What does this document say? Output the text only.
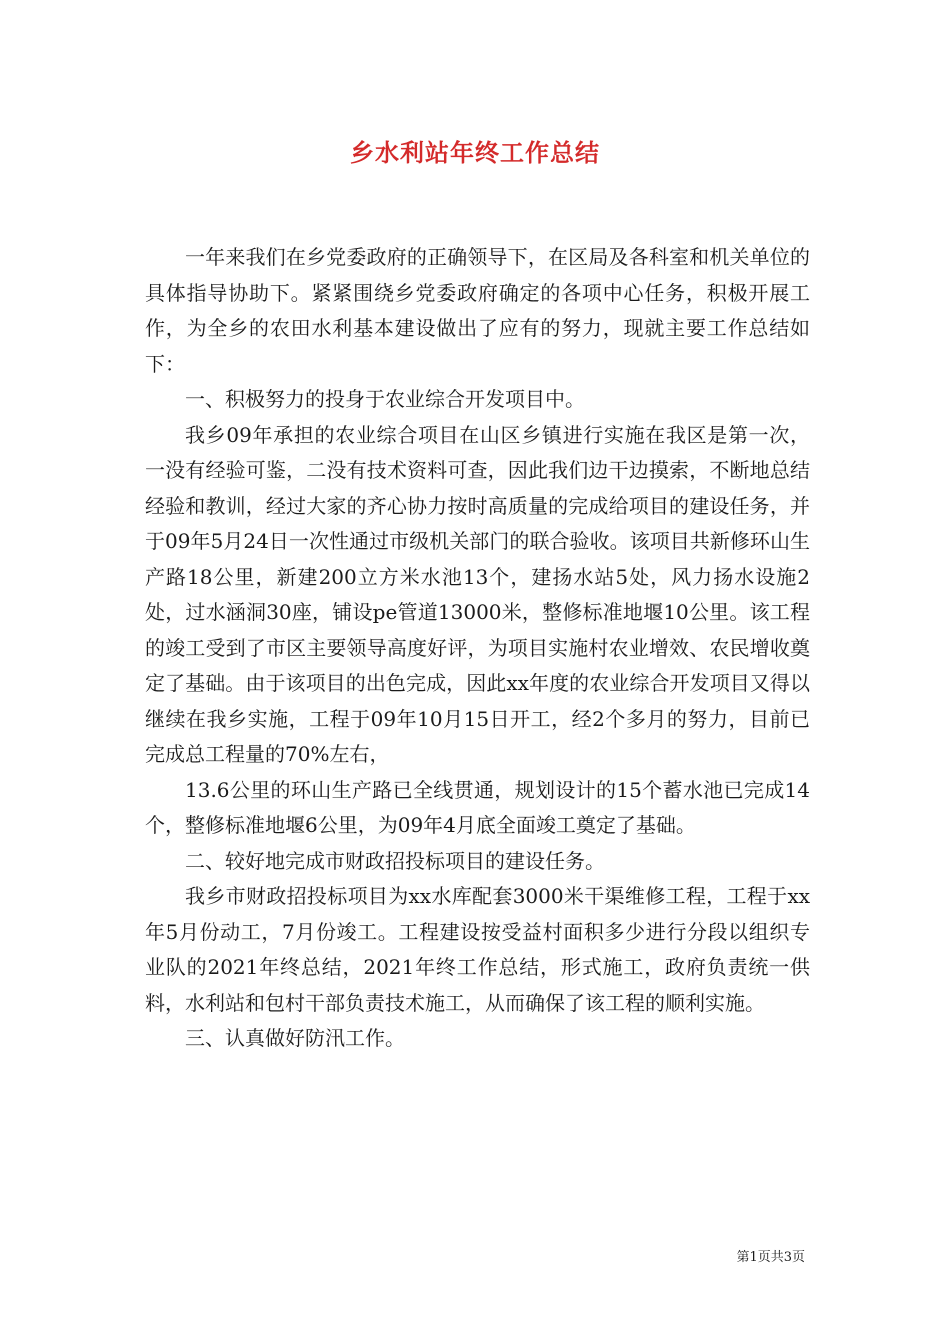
乡水利站年终工作总结

一年来我们在乡党委政府的正确领导下，在区局及各科室和机关单位的具体指导协助下。紧紧围绕乡党委政府确定的各项中心任务，积极开展工作，为全乡的农田水利基本建设做出了应有的努力，现就主要工作总结如下：

一、积极努力的投身于农业综合开发项目中。

我乡09年承担的农业综合项目在山区乡镇进行实施在我区是第一次，一没有经验可鉴，二没有技术资料可查，因此我们边干边摸索，不断地总结经验和教训，经过大家的齐心协力按时高质量的完成给项目的建设任务，并于09年5月24日一次性通过市级机关部门的联合验收。该项目共新修环山生产路18公里，新建200立方米水池13个，建扬水站5处，风力扬水设施2处，过水涵洞30座，铺设pe管道13000米，整修标准地堰10公里。该工程的竣工受到了市区主要领导高度好评，为项目实施村农业增效、农民增收奠定了基础。由于该项目的出色完成，因此xx年度的农业综合开发项目又得以继续在我乡实施，工程于09年10月15日开工，经2个多月的努力，目前已完成总工程量的70%左右，

13.6公里的环山生产路已全线贯通，规划设计的15个蓄水池已完成14个，整修标准地堰6公里，为09年4月底全面竣工奠定了基础。

二、较好地完成市财政招投标项目的建设任务。

我乡市财政招投标项目为xx水库配套3000米干渠维修工程，工程于xx年5月份动工，7月份竣工。工程建设按受益村面积多少进行分段以组织专业队的2021年终总结，2021年终工作总结，形式施工，政府负责统一供料，水利站和包村干部负责技术施工，从而确保了该工程的顺利实施。

三、认真做好防汛工作。

第1页共3页
